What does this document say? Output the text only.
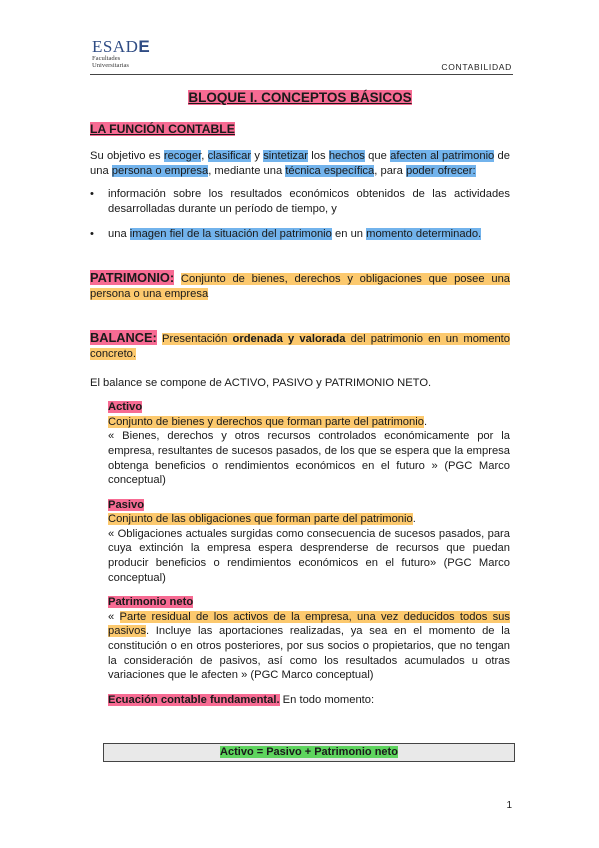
ESADE
Facultades
Universitarias	CONTABILIDAD
BLOQUE I. CONCEPTOS BÁSICOS
LA FUNCIÓN CONTABLE
Su objetivo es recoger, clasificar y sintetizar los hechos que afecten al patrimonio de una persona o empresa, mediante una técnica específica, para poder ofrecer:
• información sobre los resultados económicos obtenidos de las actividades desarrolladas durante un período de tiempo, y
• una imagen fiel de la situación del patrimonio en un momento determinado.
PATRIMONIO: Conjunto de bienes, derechos y obligaciones que posee una persona o una empresa
BALANCE: Presentación ordenada y valorada del patrimonio en un momento concreto.
El balance se compone de ACTIVO, PASIVO y PATRIMONIO NETO.
Activo
Conjunto de bienes y derechos que forman parte del patrimonio.
« Bienes, derechos y otros recursos controlados económicamente por la empresa, resultantes de sucesos pasados, de los que se espera que la empresa obtenga beneficios o rendimientos económicos en el futuro » (PGC Marco conceptual)
Pasivo
Conjunto de las obligaciones que forman parte del patrimonio.
« Obligaciones actuales surgidas como consecuencia de sucesos pasados, para cuya extinción la empresa espera desprenderse de recursos que puedan producir beneficios o rendimientos económicos en el futuro» (PGC Marco conceptual)
Patrimonio neto
« Parte residual de los activos de la empresa, una vez deducidos todos sus pasivos. Incluye las aportaciones realizadas, ya sea en el momento de la constitución o en otros posteriores, por sus socios o propietarios, que no tengan la consideración de pasivos, así como los resultados acumulados u otras variaciones que le afecten » (PGC Marco conceptual)
Ecuación contable fundamental. En todo momento:
Activo = Pasivo + Patrimonio neto
1
